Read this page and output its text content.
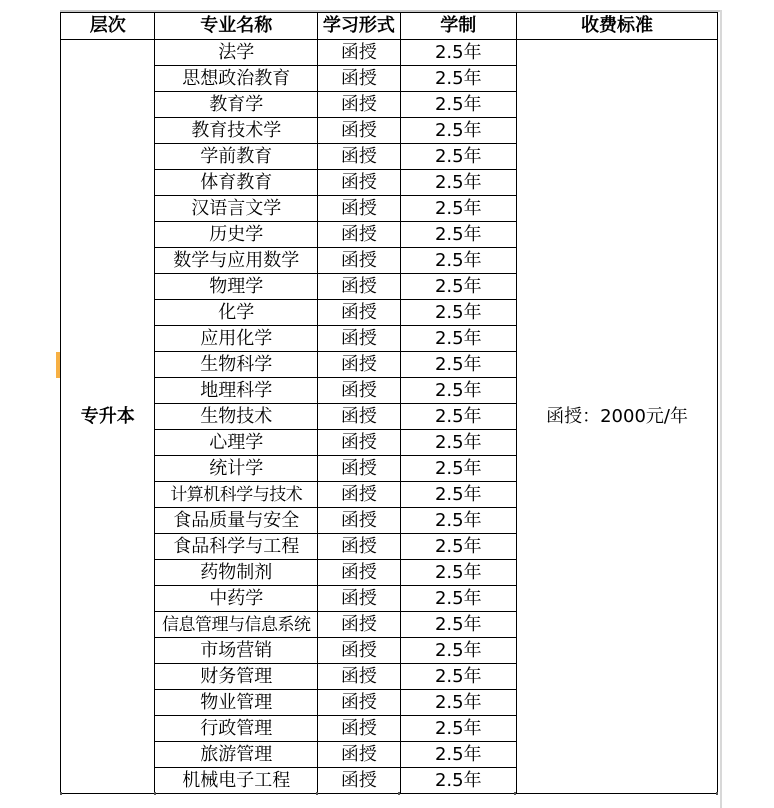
层次	专业名称	学习形式	学制	收费标准
专升本	法学	函授	2.5年	函授：2000元/年
	思想政治教育	函授	2.5年	
	教育学	函授	2.5年	
	教育技术学	函授	2.5年	
	学前教育	函授	2.5年	
	体育教育	函授	2.5年	
	汉语言文学	函授	2.5年	
	历史学	函授	2.5年	
	数学与应用数学	函授	2.5年	
	物理学	函授	2.5年	
	化学	函授	2.5年	
	应用化学	函授	2.5年	
	生物科学	函授	2.5年	
	地理科学	函授	2.5年	
	生物技术	函授	2.5年	
	心理学	函授	2.5年	
	统计学	函授	2.5年	
	计算机科学与技术	函授	2.5年	
	食品质量与安全	函授	2.5年	
	食品科学与工程	函授	2.5年	
	药物制剂	函授	2.5年	
	中药学	函授	2.5年	
	信息管理与信息系统	函授	2.5年	
	市场营销	函授	2.5年	
	财务管理	函授	2.5年	
	物业管理	函授	2.5年	
	行政管理	函授	2.5年	
	旅游管理	函授	2.5年	
	机械电子工程	函授	2.5年	
